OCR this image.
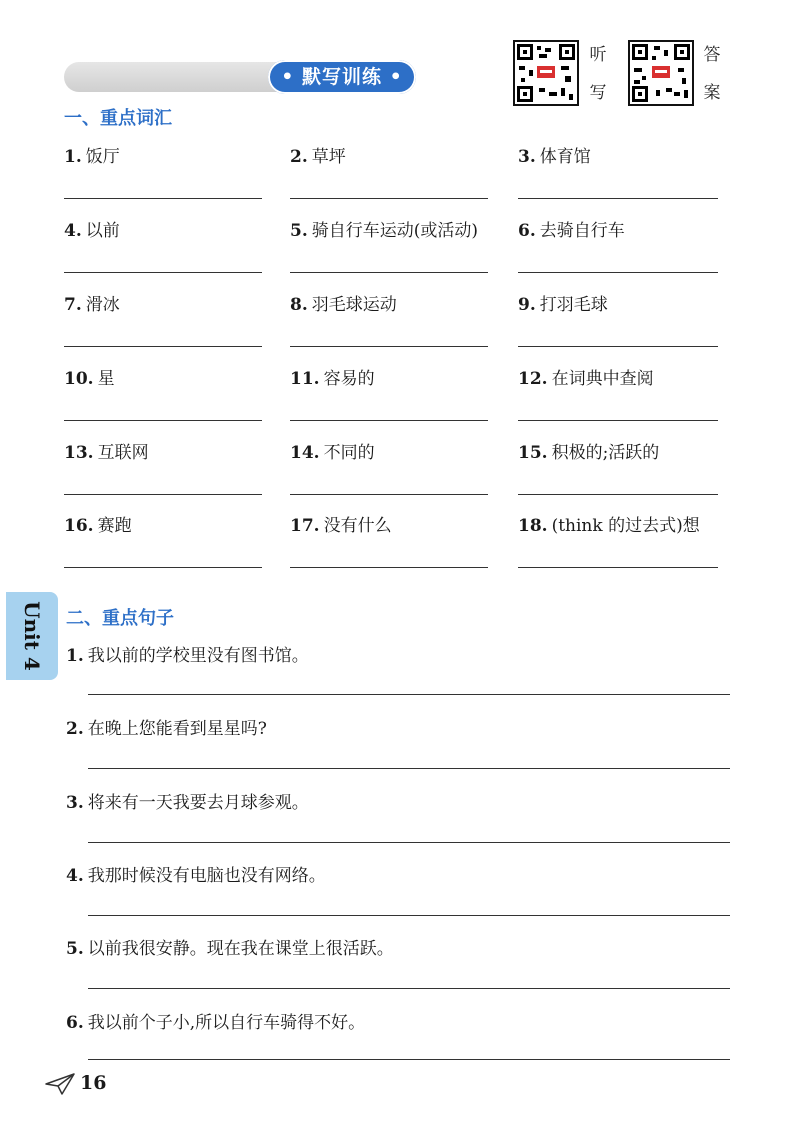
• 默写训练 •
听
写
答
案
一、重点词汇
1. 饭厅	2. 草坪	3. 体育馆
4. 以前	5. 骑自行车运动(或活动) 6. 去骑自行车
7. 滑冰	8. 羽毛球运动	9. 打羽毛球
10. 星	11. 容易的	12. 在词典中查阅
13. 互联网	14. 不同的	15. 积极的;活跃的
16. 赛跑	17. 没有什么	18. (think 的过去式)想
二、重点句子
1. 我以前的学校里没有图书馆。
2. 在晚上您能看到星星吗?
3. 将来有一天我要去月球参观。
4. 我那时候没有电脑也没有网络。
5. 以前我很安静。现在我在课堂上很活跃。
6. 我以前个子小,所以自行车骑得不好。
Unit 4
16
